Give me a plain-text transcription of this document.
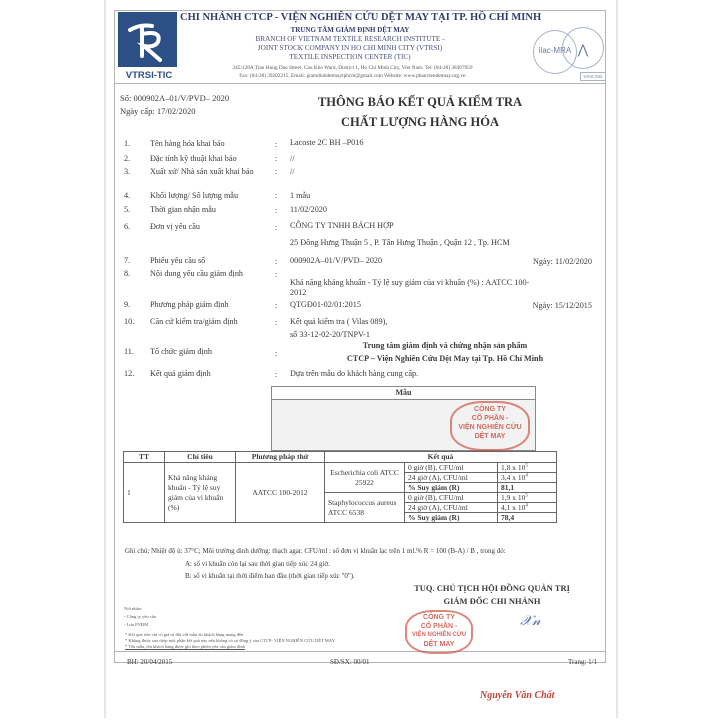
VTRSI-TIC
CHI NHÁNH CTCP - VIỆN NGHIÊN CỨU DỆT MAY TẠI TP. HỒ CHÍ MINH
TRUNG TÂM GIÁM ĐỊNH DỆT MAY
BRANCH OF VIETNAM TEXTILE RESEARCH INSTITUTE -
JOINT STOCK COMPANY IN HO CHI MINH CITY (VTRSI)
TEXTILE INSPECTION CENTER (TIC)
345/128A Tran Hung Dao Street, Cau Kho Ward, District 1, Ho Chi Minh City, Viet Nam. Tel: (84-28) 38367959
Fax: (84-28) 39202215. Email: giamdinhdetmaytphcm@gmail.com Website: www.phanviendetmay.org.vn
ilac-MRA ⋀
VIAS 042
Số: 000902A–01/V/PVD– 2020
Ngày cấp: 17/02/2020
THÔNG BÁO KẾT QUẢ KIỂM TRA
CHẤT LƯỢNG HÀNG HÓA
1. Tên hàng hóa khai báo	: Lacoste 2C BH –P016
2. Đặc tính kỹ thuật khai báo	: //
3. Xuất xứ/ Nhà sản xuất khai báo	: //
4. Khối lượng/ Số lượng mẫu	: 1 mẫu
5. Thời gian nhận mẫu	: 11/02/2020
6. Đơn vị yêu cầu	: CÔNG TY TNHH BÁCH HỢP
25 Đông Hưng Thuận 5 , P. Tân Hưng Thuận , Quận 12 , Tp. HCM
7. Phiếu yêu cầu số	: 000902A–01/V/PVD– 2020	Ngày: 11/02/2020
8. Nội dung yêu cầu giám định	:
Khả năng kháng khuẩn - Tỷ lệ suy giảm của vi khuẩn (%) : AATCC 100-
2012
9. Phương pháp giám định	: QTGĐ01-02/01:2015	Ngày: 15/12/2015
10. Căn cứ kiểm tra/giám định	: Kết quả kiểm tra ( Vilas 089),
số 33-12-02-20/TNPV-1
11. Tổ chức giám định	:
Trung tâm giám định và chứng nhận sản phẩm
CTCP – Viện Nghiên Cứu Dệt May tại Tp. Hồ Chí Minh
12. Kết quả giám định	: Dựa trên mẫu do khách hàng cung cấp.
Mẫu
TT	Chỉ tiêu	Phương pháp thử	Kết quả		
1	Khả năng kháng khuẩn - Tỷ lệ suy giảm của vi khuẩn (%)	AATCC 100-2012	Escherichia coli ATCC 25922	0 giờ (B), CFU/ml	1,8 x $10^5$
				24 giờ (A), CFU/ml	3,4 x $10^4$
				% Suy giảm (R)	81,1
			Staphylococcus aureus ATCC 6538	0 giờ (B), CFU/ml	1,9 x $10^5$
				24 giờ (A), CFU/ml	4,1 x $10^4$
				% Suy giảm (R)	78,4
Ghi chú: Nhiệt độ ủ: 37°C; Môi trường dinh dưỡng: thạch agar. CFU/ml : số đơn vị khuẩn lạc trên 1 ml.% R = 100 (B-A) / B , trong đó:
A: số vi khuẩn còn lại sau thời gian tiếp xúc 24 giờ.
B: số vi khuẩn tại thời điểm ban đầu (thời gian tiếp xúc "0").
TUQ. CHỦ TỊCH HỘI ĐỒNG QUẢN TRỊ
GIÁM ĐỐC CHI NHÁNH
𝒳𝓃
Nơi nhận:
- Công ty yêu cầu
- Lưu PVĐM
* Kết quả trên chỉ có giá trị đối với mẫu do khách hàng mang đến
* Không được sao chép một phần kết quả này nếu không có sự đồng ý của CTCP- VIỆN NGHIÊN CỨU DỆT MAY
* Tên mẫu, tên khách hàng được ghi theo phiếu yêu cầu giám định
BH: 20/04/2015	SĐ/SX: 00/01	Trang: 1/1
Nguyễn Văn Chất
CÔNG TY
CỔ PHẦN -
VIỆN NGHIÊN CỨU
DỆT MAY
CÔNG TY
CỔ PHẦN -
VIỆN NGHIÊN CỨU
DỆT MAY
